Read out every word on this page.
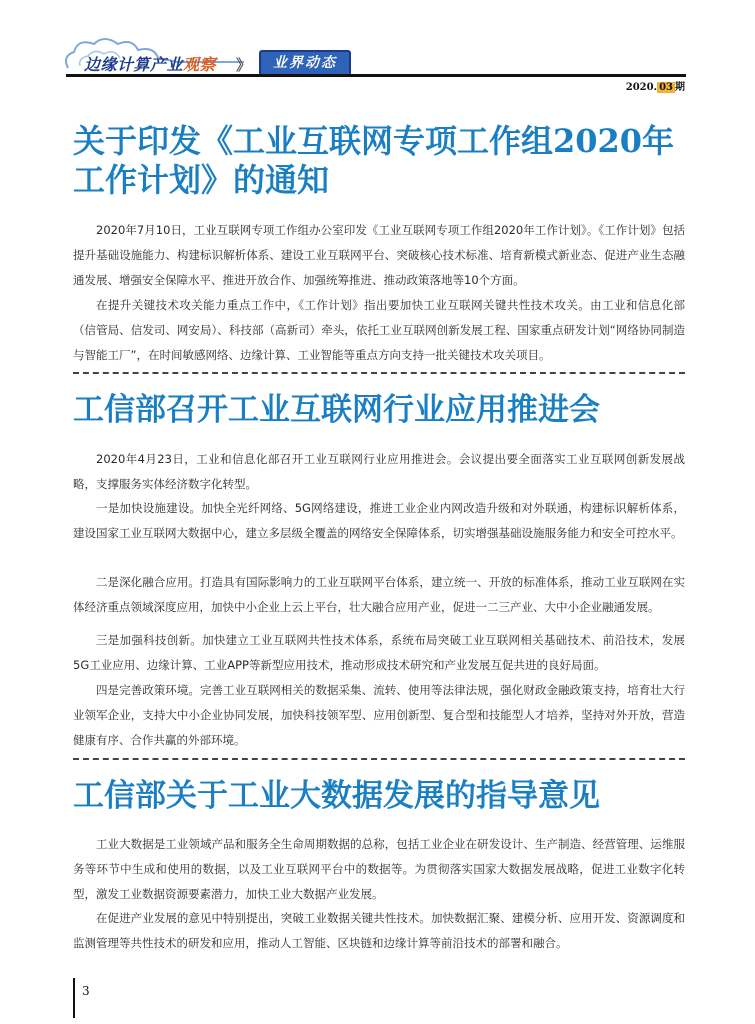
边缘计算产业观察 》	业界动态
2020. 03 期
关于印发《工业互联网专项工作组2020年工作计划》的通知

2020年7月10日，工业互联网专项工作组办公室印发《工业互联网专项工作组2020年工作计划》。《工作计划》包括提升基础设施能力、构建标识解析体系、建设工业互联网平台、突破核心技术标准、培育新模式新业态、促进产业生态融通发展、增强安全保障水平、推进开放合作、加强统筹推进、推动政策落地等10个方面。

在提升关键技术攻关能力重点工作中，《工作计划》指出要加快工业互联网关键共性技术攻关。由工业和信息化部（信管局、信发司、网安局）、科技部（高新司）牵头，依托工业互联网创新发展工程、国家重点研发计划“网络协同制造与智能工厂”，在时间敏感网络、边缘计算、工业智能等重点方向支持一批关键技术攻关项目。

工信部召开工业互联网行业应用推进会

2020年4月23日，工业和信息化部召开工业互联网行业应用推进会。会议提出要全面落实工业互联网创新发展战略，支撑服务实体经济数字化转型。

一是加快设施建设。加快全光纤网络、5G网络建设，推进工业企业内网改造升级和对外联通，构建标识解析体系，建设国家工业互联网大数据中心，建立多层级全覆盖的网络安全保障体系，切实增强基础设施服务能力和安全可控水平。

二是深化融合应用。打造具有国际影响力的工业互联网平台体系，建立统一、开放的标准体系，推动工业互联网在实体经济重点领域深度应用，加快中小企业上云上平台，壮大融合应用产业，促进一二三产业、大中小企业融通发展。

三是加强科技创新。加快建立工业互联网共性技术体系，系统布局突破工业互联网相关基础技术、前沿技术，发展5G工业应用、边缘计算、工业APP等新型应用技术，推动形成技术研究和产业发展互促共进的良好局面。

四是完善政策环境。完善工业互联网相关的数据采集、流转、使用等法律法规，强化财政金融政策支持，培育壮大行业领军企业，支持大中小企业协同发展，加快科技领军型、应用创新型、复合型和技能型人才培养，坚持对外开放，营造健康有序、合作共赢的外部环境。

工信部关于工业大数据发展的指导意见

工业大数据是工业领域产品和服务全生命周期数据的总称，包括工业企业在研发设计、生产制造、经营管理、运维服务等环节中生成和使用的数据，以及工业互联网平台中的数据等。为贯彻落实国家大数据发展战略，促进工业数字化转型，激发工业数据资源要素潜力，加快工业大数据产业发展。

在促进产业发展的意见中特别提出，突破工业数据关键共性技术。加快数据汇聚、建模分析、应用开发、资源调度和监测管理等共性技术的研发和应用，推动人工智能、区块链和边缘计算等前沿技术的部署和融合。

3
